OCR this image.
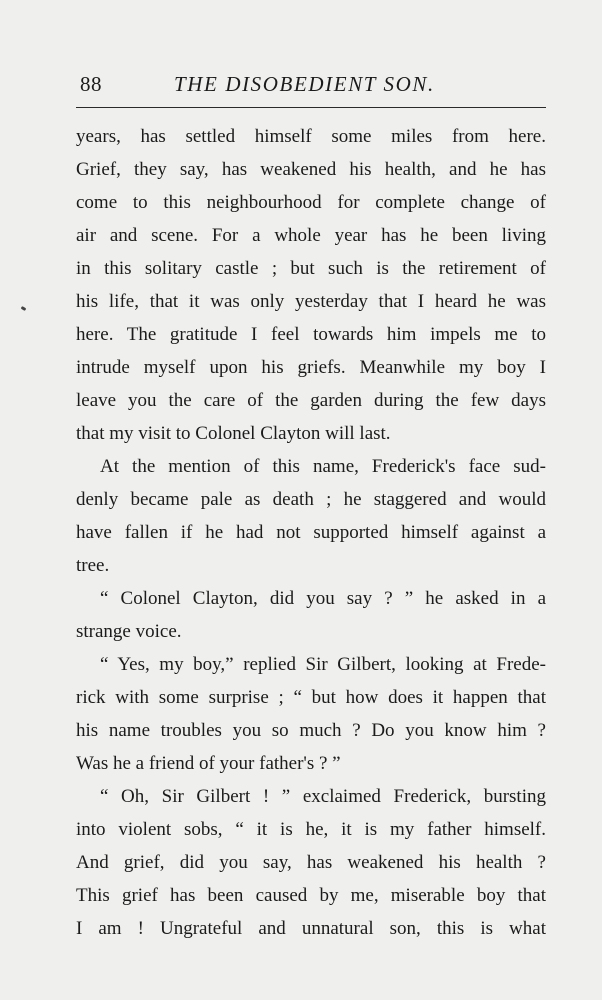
88	THE DISOBEDIENT SON.
years, has settled himself some miles from here.
Grief, they say, has weakened his health, and he has
come to this neighbourhood for complete change of
air and scene. For a whole year has he been living
in this solitary castle ; but such is the retirement of
his life, that it was only yesterday that I heard he was
here. The gratitude I feel towards him impels me to
intrude myself upon his griefs. Meanwhile my boy I
leave you the care of the garden during the few days
that my visit to Colonel Clayton will last.
At the mention of this name, Frederick's face sud-
denly became pale as death ; he staggered and would
have fallen if he had not supported himself against a
tree.
“ Colonel Clayton, did you say ? ” he asked in a
strange voice.
“ Yes, my boy,” replied Sir Gilbert, looking at Frede-
rick with some surprise ; “ but how does it happen that
his name troubles you so much ? Do you know him ?
Was he a friend of your father's ? ”
“ Oh, Sir Gilbert ! ” exclaimed Frederick, bursting
into violent sobs, “ it is he, it is my father himself.
And grief, did you say, has weakened his health ?
This grief has been caused by me, miserable boy that
I am ! Ungrateful and unnatural son, this is what
